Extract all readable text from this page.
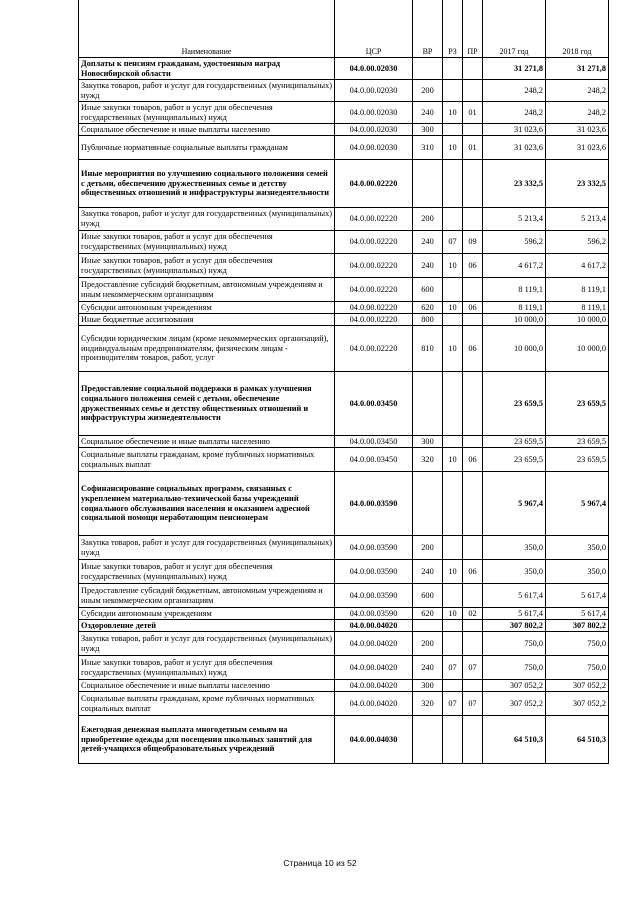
Наименование	ЦСР	ВР	РЗ	ПР	2017 год	2018 год
Доплаты к пенсиям гражданам, удостоенным наград Новосибирской области	04.0.00.02030				31 271,8	31 271,8
Закупка товаров, работ и услуг для государственных (муниципальных) нужд	04.0.00.02030	200			248,2	248,2
Иные закупки товаров, работ и услуг для обеспечения государственных (муниципальных) нужд	04.0.00.02030	240	10	01	248,2	248,2
Социальное обеспечение и иные выплаты населению	04.0.00.02030	300			31 023,6	31 023,6
Публичные нормативные социальные выплаты гражданам	04.0.00.02030	310	10	01	31 023,6	31 023,6
Иные мероприятия по улучшению социального положения семей с детьми, обеспечению дружественных семье и детству общественных отношений и инфраструктуры жизнедеятельности	04.0.00.02220				23 332,5	23 332,5
Закупка товаров, работ и услуг для государственных (муниципальных) нужд	04.0.00.02220	200			5 213,4	5 213,4
Иные закупки товаров, работ и услуг для обеспечения государственных (муниципальных) нужд	04.0.00.02220	240	07	09	596,2	596,2
Иные закупки товаров, работ и услуг для обеспечения государственных (муниципальных) нужд	04.0.00.02220	240	10	06	4 617,2	4 617,2
Предоставление субсидий бюджетным, автономным учреждениям и иным некоммерческим организациям	04.0.00.02220	600			8 119,1	8 119,1
Субсидии автономным учреждениям	04.0.00.02220	620	10	06	8 119,1	8 119,1
Иные бюджетные ассигнования	04.0.00.02220	800			10 000,0	10 000,0
Субсидии юридическим лицам (кроме некоммерческих организаций), индивидуальным предпринимателям, физическим лицам - производителям товаров, работ, услуг	04.0.00.02220	810	10	06	10 000,0	10 000,0
Предоставление социальной поддержки в рамках улучшения социального положения семей с детьми, обеспечение дружественных семье и детству общественных отношений и инфраструктуры жизнедеятельности	04.0.00.03450				23 659,5	23 659,5
Социальное обеспечение и иные выплаты населению	04.0.00.03450	300			23 659,5	23 659,5
Социальные выплаты гражданам, кроме публичных нормативных социальных выплат	04.0.00.03450	320	10	06	23 659,5	23 659,5
Софинансирование социальных программ, связанных с укреплением материально-технической базы учреждений социального обслуживания населения и оказанием адресной социальной помощи неработающим пенсионерам	04.0.00.03590				5 967,4	5 967,4
Закупка товаров, работ и услуг для государственных (муниципальных) нужд	04.0.00.03590	200			350,0	350,0
Иные закупки товаров, работ и услуг для обеспечения государственных (муниципальных) нужд	04.0.00.03590	240	10	06	350,0	350,0
Предоставление субсидий бюджетным, автономным учреждениям и иным некоммерческим организациям	04.0.00.03590	600			5 617,4	5 617,4
Субсидии автономным учреждениям	04.0.00.03590	620	10	02	5 617,4	5 617,4
Оздоровление детей	04.0.00.04020				307 802,2	307 802,2
Закупка товаров, работ и услуг для государственных (муниципальных) нужд	04.0.00.04020	200			750,0	750,0
Иные закупки товаров, работ и услуг для обеспечения государственных (муниципальных) нужд	04.0.00.04020	240	07	07	750,0	750,0
Социальное обеспечение и иные выплаты населению	04.0.00.04020	300			307 052,2	307 052,2
Социальные выплаты гражданам, кроме публичных нормативных социальных выплат	04.0.00.04020	320	07	07	307 052,2	307 052,2
Ежегодная денежная выплата многодетным семьям на приобретение одежды для посещения школьных занятий для детей-учащихся общеобразовательных учреждений	04.0.00.04030				64 510,3	64 510,3
Страница 10 из 52
